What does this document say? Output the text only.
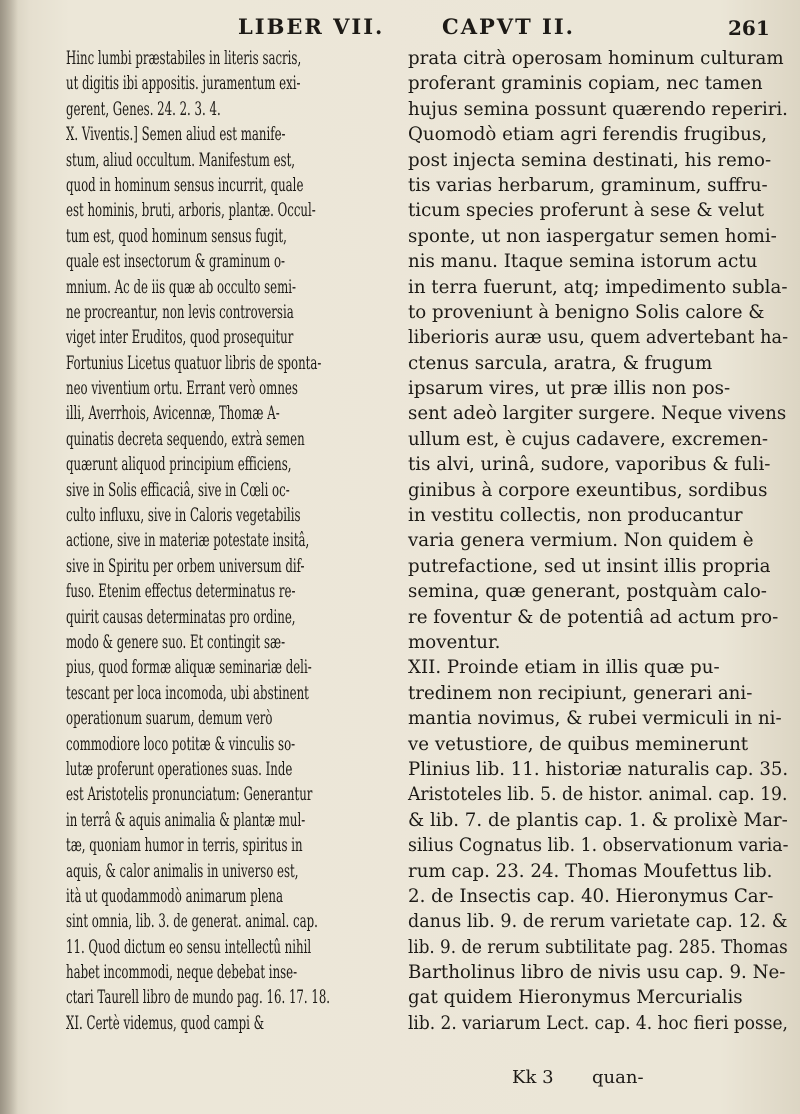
LIBER VII.	CAPVT II.	261
Hinc lumbi præstabiles in literis sacris,
ut digitis ibi appositis. juramentum exi-
gerent, Genes. 24. 2. 3. 4.
X. Viventis.] Semen aliud est manife-
stum, aliud occultum. Manifestum est,
quod in hominum sensus incurrit, quale
est hominis, bruti, arboris, plantæ. Occul-
tum est, quod hominum sensus fugit,
quale est insectorum & graminum o-
mnium. Ac de iis quæ ab occulto semi-
ne procreantur, non levis controversia
viget inter Eruditos, quod prosequitur
Fortunius Licetus quatuor libris de sponta-
neo viventium ortu. Errant verò omnes
illi, Averrhois, Avicennæ, Thomæ A-
quinatis decreta sequendo, extrà semen
quærunt aliquod principium efficiens,
sive in Solis efficaciâ, sive in Cœli oc-
culto influxu, sive in Caloris vegetabilis
actione, sive in materiæ potestate insitâ,
sive in Spiritu per orbem universum dif-
fuso. Etenim effectus determinatus re-
quirit causas determinatas pro ordine,
modo & genere suo. Et contingit sæ-
pius, quod formæ aliquæ seminariæ deli-
tescant per loca incomoda, ubi abstinent
operationum suarum, demum verò
commodiore loco potitæ & vinculis so-
lutæ proferunt operationes suas. Inde
est Aristotelis pronunciatum: Generantur
in terrâ & aquis animalia & plantæ mul-
tæ, quoniam humor in terris, spiritus in
aquis, & calor animalis in universo est,
ità ut quodammodò animarum plena
sint omnia, lib. 3. de generat. animal. cap.
11. Quod dictum eo sensu intellectû nihil
habet incommodi, neque debebat inse-
ctari Taurell libro de mundo pag. 16. 17. 18.
XI. Certè videmus, quod campi &
prata citrà operosam hominum culturam
proferant graminis copiam, nec tamen
hujus semina possunt quærendo reperiri.
Quomodò etiam agri ferendis frugibus,
post injecta semina destinati, his remo-
tis varias herbarum, graminum, suffru-
ticum species proferunt à sese & velut
sponte, ut non iaspergatur semen homi-
nis manu. Itaque semina istorum actu
in terra fuerunt, atq; impedimento subla-
to proveniunt à benigno Solis calore &
liberioris auræ usu, quem advertebant ha-
ctenus sarcula, aratra, & frugum
ipsarum vires, ut præ illis non pos-
sent adeò largiter surgere. Neque vivens
ullum est, è cujus cadavere, excremen-
tis alvi, urinâ, sudore, vaporibus & fuli-
ginibus à corpore exeuntibus, sordibus
in vestitu collectis, non producantur
varia genera vermium. Non quidem è
putrefactione, sed ut insint illis propria
semina, quæ generant, postquàm calo-
re foventur & de potentiâ ad actum pro-
moventur.
XII. Proinde etiam in illis quæ pu-
tredinem non recipiunt, generari ani-
mantia novimus, & rubei vermiculi in ni-
ve vetustiore, de quibus meminerunt
Plinius lib. 11. historiæ naturalis cap. 35.
Aristoteles lib. 5. de histor. animal. cap. 19.
& lib. 7. de plantis cap. 1. & prolixè Mar-
silius Cognatus lib. 1. observationum varia-
rum cap. 23. 24. Thomas Moufettus lib.
2. de Insectis cap. 40. Hieronymus Car-
danus lib. 9. de rerum varietate cap. 12. &
lib. 9. de rerum subtilitate pag. 285. Thomas
Bartholinus libro de nivis usu cap. 9. Ne-
gat quidem Hieronymus Mercurialis
lib. 2. variarum Lect. cap. 4. hoc fieri posse,
Kk 3 quan-
